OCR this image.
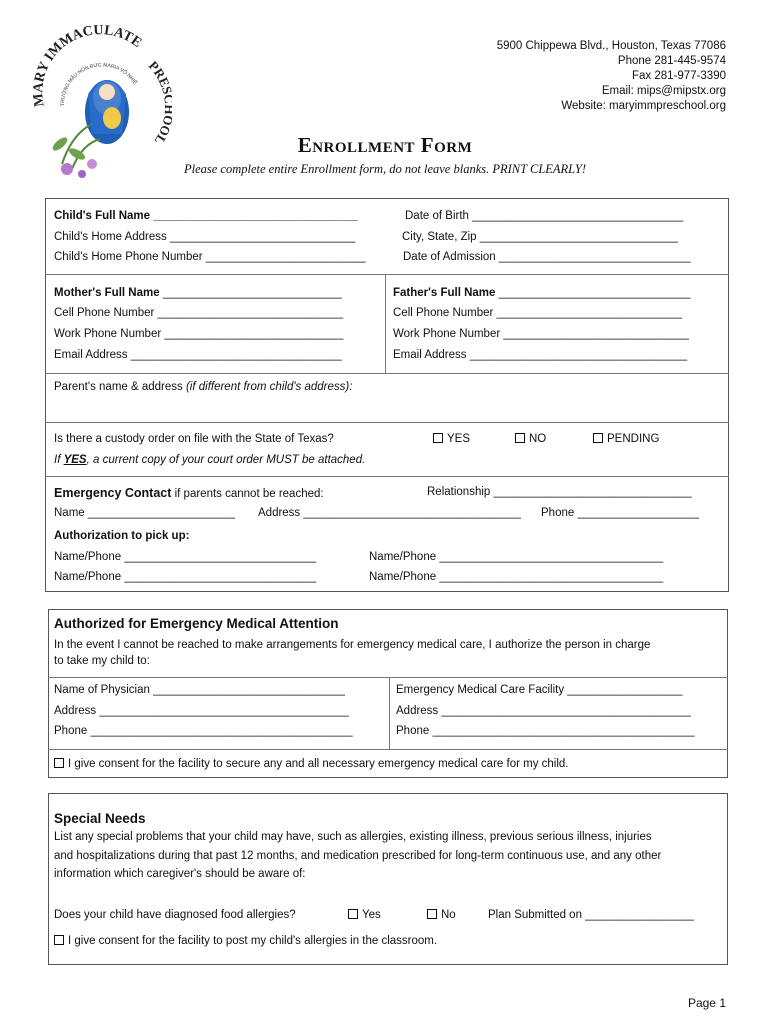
MARY IMMACULATE
PRE OL
TRƯỜNG MẪU NON ĐỨC MARIA VÔ NHIỄ
5900 Chippewa Blvd., Houston, Texas 77086
Phone 281-445-9574
Fax 281-977-3390
Email: mips@mipstx.org
Website: maryimmpreschool.org
Enrollment Form
Please complete entire Enrollment form, do not leave blanks. PRINT CLEARLY!
Child's Full Name ________________________________	Date of Birth _________________________________
Child's Home Address _____________________________	City, State, Zip _______________________________
Child's Home Phone Number _________________________	Date of Admission ______________________________
Mother's Full Name ____________________________
Cell Phone Number _____________________________
Work Phone Number ____________________________
Email Address _________________________________
Father's Full Name ______________________________
Cell Phone Number _____________________________
Work Phone Number _____________________________
Email Address __________________________________
Parent's name & address (if different from child's address):
Is there a custody order on file with the State of Texas?	YES	NO	PENDING
If YES, a current copy of your court order MUST be attached.
Emergency Contact if parents cannot be reached:	Relationship _______________________________
Name _______________________ Address __________________________________ Phone ___________________
Authorization to pick up:
Name/Phone ______________________________	Name/Phone ___________________________________
Name/Phone ______________________________	Name/Phone ___________________________________
Authorized for Emergency Medical Attention
In the event I cannot be reached to make arrangements for emergency medical care, I authorize the person in charge
to take my child to:
Name of Physician ______________________________	Emergency Medical Care Facility __________________
Address _______________________________________	Address _______________________________________
Phone _________________________________________	Phone _________________________________________
I give consent for the facility to secure any and all necessary emergency medical care for my child.
Special Needs
List any special problems that your child may have, such as allergies, existing illness, previous serious illness, injuries
and hospitalizations during that past 12 months, and medication prescribed for long-term continuous use, and any other
information which caregiver's should be aware of:
Does your child have diagnosed food allergies?	Yes	No	Plan Submitted on _________________
I give consent for the facility to post my child's allergies in the classroom.
Page 1
